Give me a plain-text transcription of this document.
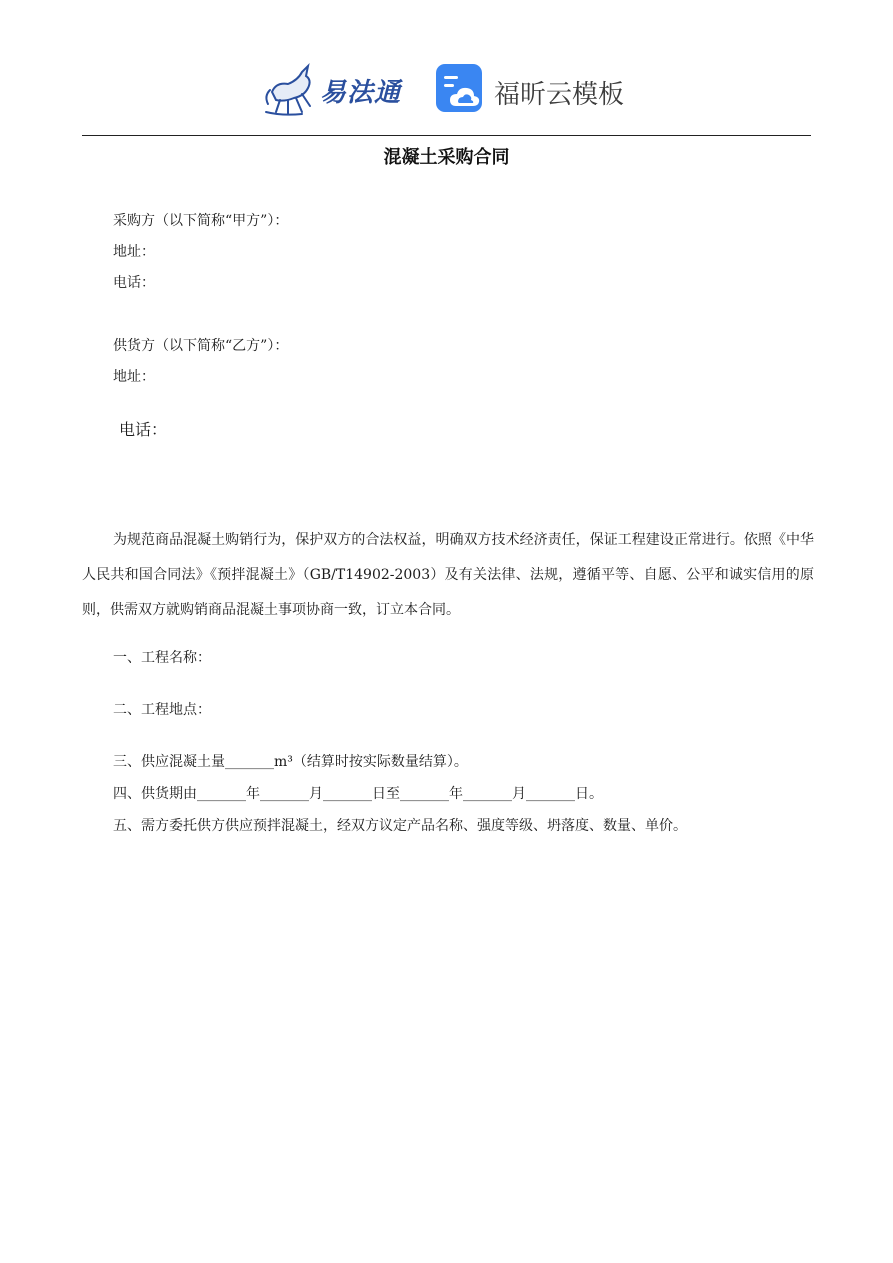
易法通	福昕云模板
混凝土采购合同
采购方（以下简称“甲方”）：
地址：
电话：
供货方（以下简称“乙方”）：
地址：
电话：
为规范商品混凝土购销行为，保护双方的合法权益，明确双方技术经济责任，保证工程建设正常进行。依照《中华人民共和国合同法》《预拌混凝土》（GB/T14902-2003）及有关法律、法规，遵循平等、自愿、公平和诚实信用的原则，供需双方就购销商品混凝土事项协商一致，订立本合同。
一、工程名称：
二、工程地点：
三、供应混凝土量_______m³（结算时按实际数量结算）。
四、供货期由_______年_______月_______日至_______年_______月_______日。
五、需方委托供方供应预拌混凝土，经双方议定产品名称、强度等级、坍落度、数量、单价。
